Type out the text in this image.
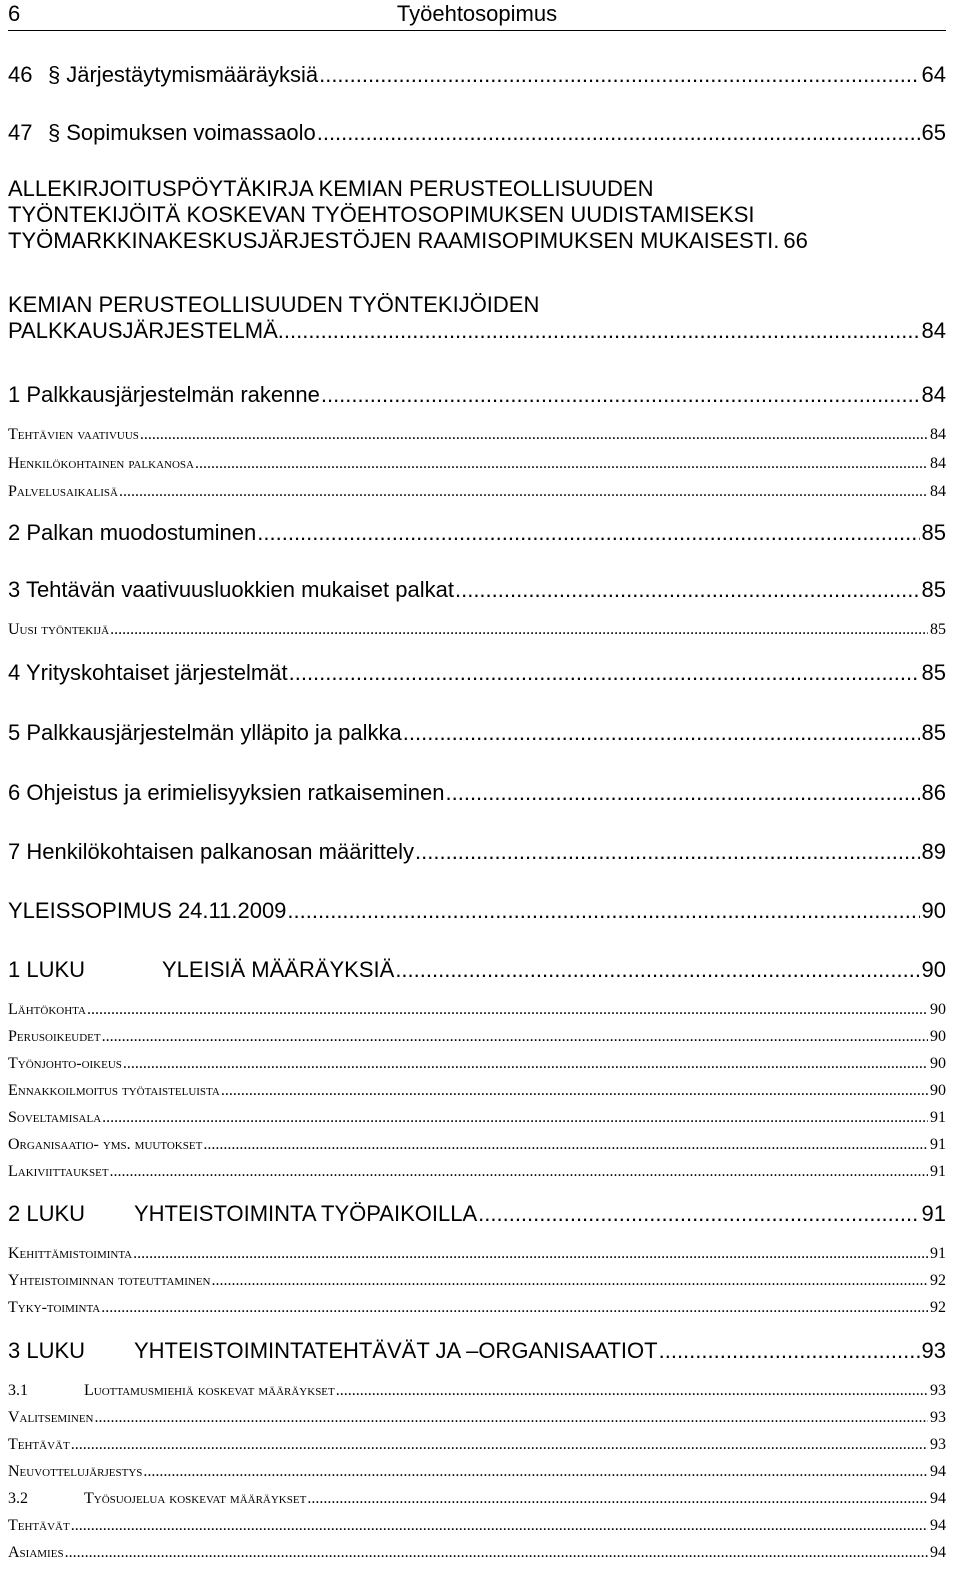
6	Työehtosopimus
46 § Järjestäytymismääräyksiä .....	64
47 § Sopimuksen voimassaolo .....	65
ALLEKIRJOITUSPÖYTÄKIRJA KEMIAN PERUSTEOLLISUUDEN
TYÖNTEKIJÖITÄ KOSKEVAN TYÖEHTOSOPIMUKSEN UUDISTAMISEKSI
TYÖMARKKINAKESKUSJÄRJESTÖJEN RAAMISOPIMUKSEN MUKAISESTI. 66
KEMIAN PERUSTEOLLISUUDEN TYÖNTEKIJÖIDEN
PALKKAUSJÄRJESTELMÄ .....	84
1 Palkkausjärjestelmän rakenne .....	84
Tehtävien vaativuus .....	84
Henkilökohtainen palkanosa .....	84
Palvelusaikalisä .....	84
2 Palkan muodostuminen .....	85
3 Tehtävän vaativuusluokkien mukaiset palkat .....	85
Uusi työntekijä .....	85
4 Yrityskohtaiset järjestelmät .....	85
5 Palkkausjärjestelmän ylläpito ja palkka .....	85
6 Ohjeistus ja erimielisyyksien ratkaiseminen .....	86
7 Henkilökohtaisen palkanosan määrittely .....	89
YLEISSOPIMUS 24.11.2009 .....	90
1 LUKU	YLEISIÄ MÄÄRÄYKSIÄ .....	90
Lähtökohta .....	90
Perusoikeudet .....	90
Työnjohto-oikeus .....	90
Ennakkoilmoitus työtaisteluista .....	90
Soveltamisala .....	91
Organisaatio- yms. muutokset .....	91
Lakiviittaukset .....	91
2 LUKU	YHTEISTOIMINTA TYÖPAIKOILLA .....	91
Kehittämistoiminta .....	91
Yhteistoiminnan toteuttaminen .....	92
Tyky-toiminta .....	92
3 LUKU	YHTEISTOIMINTATEHTÄVÄT JA –ORGANISAATIOT .....	93
3.1	Luottamusmiehiä koskevat määräykset .....	93
Valitseminen .....	93
Tehtävät .....	93
Neuvottelujärjestys .....	94
3.2	Työsuojelua koskevat määräykset .....	94
Tehtävät .....	94
Asiamies .....	94
